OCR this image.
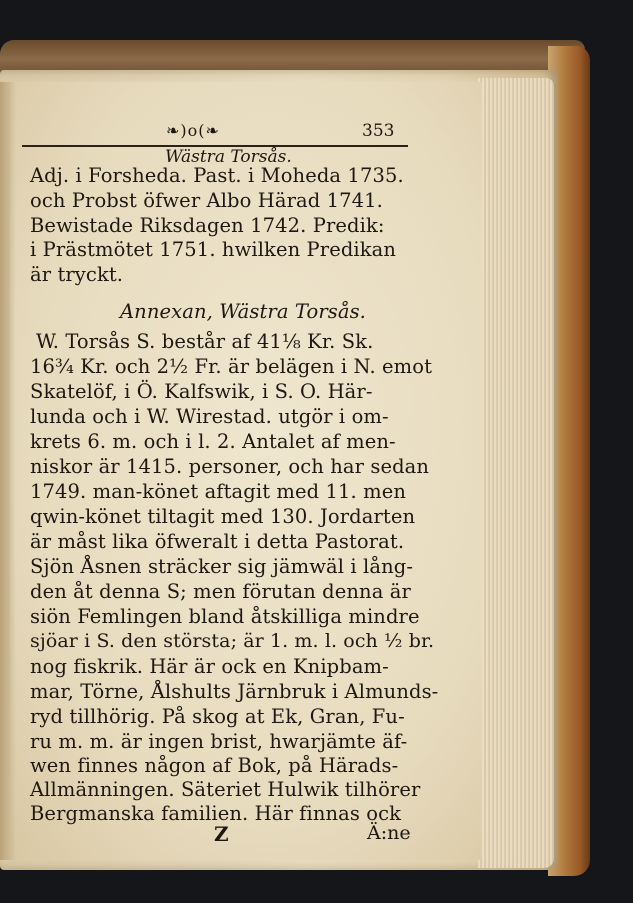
❧)o(❧	353
Wästra Torsås.
Adj. i Forsheda. Past. i Moheda 1735.
och Probst öfwer Albo Härad 1741.
Bewistade Riksdagen 1742. Predik:
i Prästmötet 1751. hwilken Predikan
är tryckt.
Annexan, Wästra Torsås.
W. Torsås S. består af 41⅛ Kr. Sk.
16¾ Kr. och 2½ Fr. är belägen i N. emot
Skatelöf, i Ö. Kalfswik, i S. O. Här-
lunda och i W. Wirestad. utgör i om-
krets 6. m. och i l. 2. Antalet af men-
niskor är 1415. personer, och har sedan
1749. man-könet aftagit med 11. men
qwin-könet tiltagit med 130. Jordarten
är måst lika öfweralt i detta Pastorat.
Sjön Åsnen sträcker sig jämwäl i lång-
den åt denna S; men förutan denna är
siön Femlingen bland åtskilliga mindre
sjöar i S. den största; är 1. m. l. och ½ br.
nog fiskrik. Här är ock en Knipbam-
mar, Törne, Ålshults Järnbruk i Almunds-
ryd tillhörig. På skog at Ek, Gran, Fu-
ru m. m. är ingen brist, hwarjämte äf-
wen finnes någon af Bok, på Härads-
Allmänningen. Säteriet Hulwik tilhörer
Bergmanska familien. Här finnas ock
Z	Ä:ne
